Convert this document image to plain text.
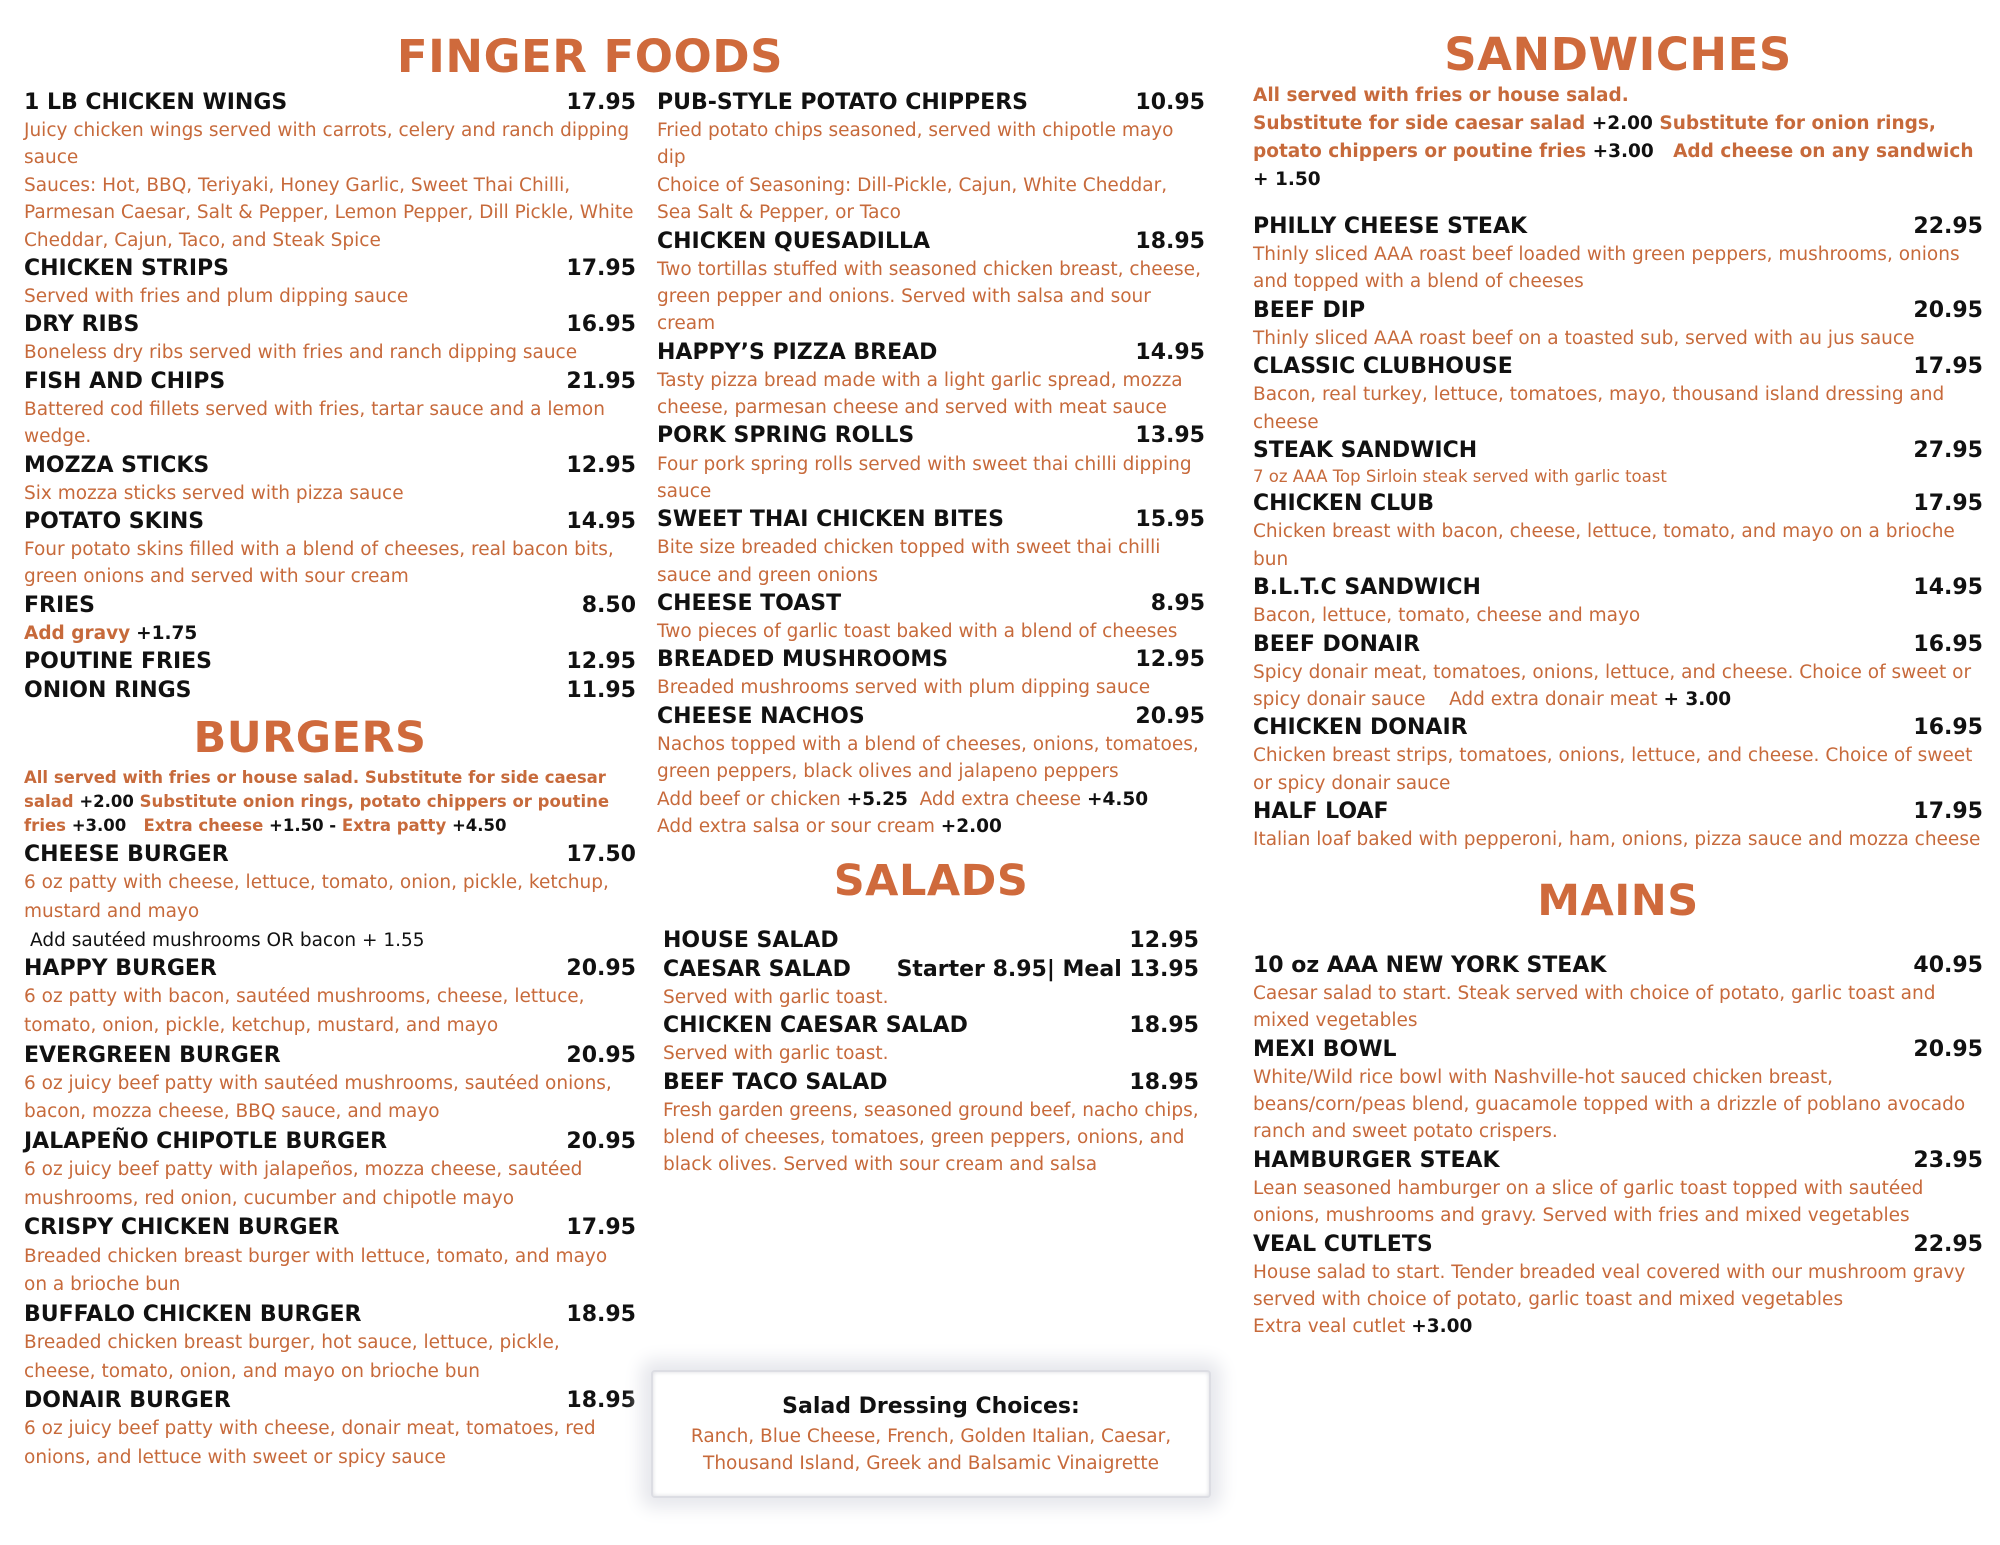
FINGER FOODS
1 LB CHICKEN WINGS	17.95

Juicy chicken wings served with carrots, celery and ranch dipping sauce

Sauces: Hot, BBQ, Teriyaki, Honey Garlic, Sweet Thai Chilli, Parmesan Caesar, Salt & Pepper, Lemon Pepper, Dill Pickle, White Cheddar, Cajun, Taco, and Steak Spice

CHICKEN STRIPS	17.95

Served with fries and plum dipping sauce

DRY RIBS	16.95

Boneless dry ribs served with fries and ranch dipping sauce

FISH AND CHIPS	21.95

Battered cod fillets served with fries, tartar sauce and a lemon wedge.

MOZZA STICKS	12.95

Six mozza sticks served with pizza sauce

POTATO SKINS	14.95

Four potato skins filled with a blend of cheeses, real bacon bits, green onions and served with sour cream

FRIES	8.50
Add gravy +1.75
POUTINE FRIES	12.95
ONION RINGS	11.95
BURGERS
All served with fries or house salad. Substitute for side caesar salad +2.00 Substitute onion rings, potato chippers or poutine fries +3.00 Extra cheese +1.50 - Extra patty +4.50
CHEESE BURGER	17.50

6 oz patty with cheese, lettuce, tomato, onion, pickle, ketchup, mustard and mayo

Add sautéed mushrooms OR bacon + 1.55
HAPPY BURGER	20.95

6 oz patty with bacon, sautéed mushrooms, cheese, lettuce, tomato, onion, pickle, ketchup, mustard, and mayo

EVERGREEN BURGER	20.95

6 oz juicy beef patty with sautéed mushrooms, sautéed onions, bacon, mozza cheese, BBQ sauce, and mayo

JALAPEÑO CHIPOTLE BURGER	20.95

6 oz juicy beef patty with jalapeños, mozza cheese, sautéed mushrooms, red onion, cucumber and chipotle mayo

CRISPY CHICKEN BURGER	17.95

Breaded chicken breast burger with lettuce, tomato, and mayo on a brioche bun

BUFFALO CHICKEN BURGER	18.95

Breaded chicken breast burger, hot sauce, lettuce, pickle, cheese, tomato, onion, and mayo on brioche bun

DONAIR BURGER	18.95

6 oz juicy beef patty with cheese, donair meat, tomatoes, red onions, and lettuce with sweet or spicy sauce

PUB-STYLE POTATO CHIPPERS	10.95

Fried potato chips seasoned, served with chipotle mayo dip

Choice of Seasoning: Dill-Pickle, Cajun, White Cheddar, Sea Salt & Pepper, or Taco

CHICKEN QUESADILLA	18.95

Two tortillas stuffed with seasoned chicken breast, cheese, green pepper and onions. Served with salsa and sour cream

HAPPY’S PIZZA BREAD	14.95

Tasty pizza bread made with a light garlic spread, mozza cheese, parmesan cheese and served with meat sauce

PORK SPRING ROLLS	13.95

Four pork spring rolls served with sweet thai chilli dipping sauce

SWEET THAI CHICKEN BITES	15.95

Bite size breaded chicken topped with sweet thai chilli sauce and green onions

CHEESE TOAST	8.95

Two pieces of garlic toast baked with a blend of cheeses

BREADED MUSHROOMS	12.95

Breaded mushrooms served with plum dipping sauce

CHEESE NACHOS	20.95

Nachos topped with a blend of cheeses, onions, tomatoes, green peppers, black olives and jalapeno peppers

Add beef or chicken +5.25 Add extra cheese +4.50
Add extra salsa or sour cream +2.00
SALADS
HOUSE SALAD	12.95
CAESAR SALAD Starter 8.95| Meal 13.95

Served with garlic toast.

CHICKEN CAESAR SALAD	18.95

Served with garlic toast.

BEEF TACO SALAD	18.95

Fresh garden greens, seasoned ground beef, nacho chips, blend of cheeses, tomatoes, green peppers, onions, and black olives. Served with sour cream and salsa

Salad Dressing Choices:
Ranch, Blue Cheese, French, Golden Italian, Caesar, Thousand Island, Greek and Balsamic Vinaigrette
SANDWICHES
All served with fries or house salad.
Substitute for side caesar salad +2.00 Substitute for onion rings, potato chippers or poutine fries +3.00 Add cheese on any sandwich + 1.50
PHILLY CHEESE STEAK	22.95

Thinly sliced AAA roast beef loaded with green peppers, mushrooms, onions and topped with a blend of cheeses

BEEF DIP	20.95

Thinly sliced AAA roast beef on a toasted sub, served with au jus sauce

CLASSIC CLUBHOUSE	17.95

Bacon, real turkey, lettuce, tomatoes, mayo, thousand island dressing and cheese

STEAK SANDWICH	27.95

7 oz AAA Top Sirloin steak served with garlic toast

CHICKEN CLUB	17.95

Chicken breast with bacon, cheese, lettuce, tomato, and mayo on a brioche bun

B.L.T.C SANDWICH	14.95

Bacon, lettuce, tomato, cheese and mayo

BEEF DONAIR	16.95

Spicy donair meat, tomatoes, onions, lettuce, and cheese. Choice of sweet or spicy donair sauce Add extra donair meat + 3.00

CHICKEN DONAIR	16.95

Chicken breast strips, tomatoes, onions, lettuce, and cheese. Choice of sweet or spicy donair sauce

HALF LOAF	17.95

Italian loaf baked with pepperoni, ham, onions, pizza sauce and mozza cheese

MAINS
10 oz AAA NEW YORK STEAK	40.95

Caesar salad to start. Steak served with choice of potato, garlic toast and mixed vegetables

MEXI BOWL	20.95

White/Wild rice bowl with Nashville-hot sauced chicken breast, beans/corn/peas blend, guacamole topped with a drizzle of poblano avocado ranch and sweet potato crispers.

HAMBURGER STEAK	23.95

Lean seasoned hamburger on a slice of garlic toast topped with sautéed onions, mushrooms and gravy. Served with fries and mixed vegetables

VEAL CUTLETS	22.95

House salad to start. Tender breaded veal covered with our mushroom gravy served with choice of potato, garlic toast and mixed vegetables

Extra veal cutlet +3.00
